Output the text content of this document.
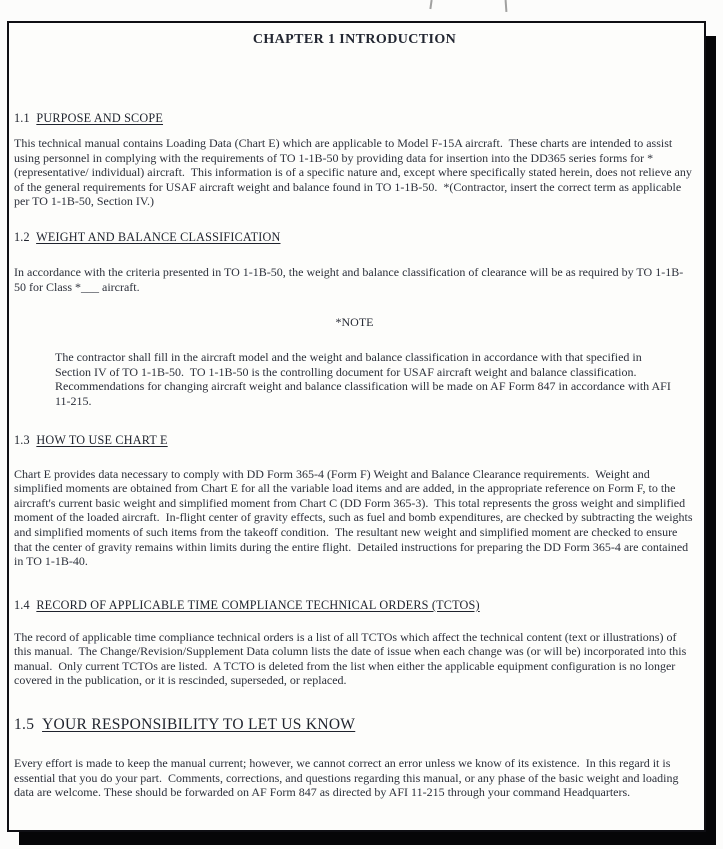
CHAPTER 1 INTRODUCTION
1.1 PURPOSE AND SCOPE

This technical manual contains Loading Data (Chart E) which are applicable to Model F-15A aircraft.  These charts are intended to assist using personnel in complying with the requirements of TO 1-1B-50 by providing data for insertion into the DD365 series forms for *(representative/ individual) aircraft.  This information is of a specific nature and, except where specifically stated herein, does not relieve any of the general requirements for USAF aircraft weight and balance found in TO 1-1B-50.  *(Contractor, insert the correct term as applicable per TO 1-1B-50, Section IV.)

1.2 WEIGHT AND BALANCE CLASSIFICATION

In accordance with the criteria presented in TO 1-1B-50, the weight and balance classification of clearance will be as required by TO 1-1B-50 for Class *___ aircraft.

*NOTE

The contractor shall fill in the aircraft model and the weight and balance classification in accordance with that specified in Section IV of TO 1-1B-50.  TO 1-1B-50 is the controlling document for USAF aircraft weight and balance classification.  Recommendations for changing aircraft weight and balance classification will be made on AF Form 847 in accordance with AFI 11-215.

1.3 HOW TO USE CHART E

Chart E provides data necessary to comply with DD Form 365-4 (Form F) Weight and Balance Clearance requirements.  Weight and simplified moments are obtained from Chart E for all the variable load items and are added, in the appropriate reference on Form F, to the aircraft's current basic weight and simplified moment from Chart C (DD Form 365-3).  This total represents the gross weight and simplified moment of the loaded aircraft.  In-flight center of gravity effects, such as fuel and bomb expenditures, are checked by subtracting the weights and simplified moments of such items from the takeoff condition.  The resultant new weight and simplified moment are checked to ensure that the center of gravity remains within limits during the entire flight.  Detailed instructions for preparing the DD Form 365-4 are contained in TO 1-1B-40.

1.4 RECORD OF APPLICABLE TIME COMPLIANCE TECHNICAL ORDERS (TCTOS)

The record of applicable time compliance technical orders is a list of all TCTOs which affect the technical content (text or illustrations) of this manual.  The Change/Revision/Supplement Data column lists the date of issue when each change was (or will be) incorporated into this manual.  Only current TCTOs are listed.  A TCTO is deleted from the list when either the applicable equipment configuration is no longer covered in the publication, or it is rescinded, superseded, or replaced.

1.5 YOUR RESPONSIBILITY TO LET US KNOW

Every effort is made to keep the manual current; however, we cannot correct an error unless we know of its existence.  In this regard it is essential that you do your part.  Comments, corrections, and questions regarding this manual, or any phase of the basic weight and loading data are welcome. These should be forwarded on AF Form 847 as directed by AFI 11-215 through your command Headquarters.
